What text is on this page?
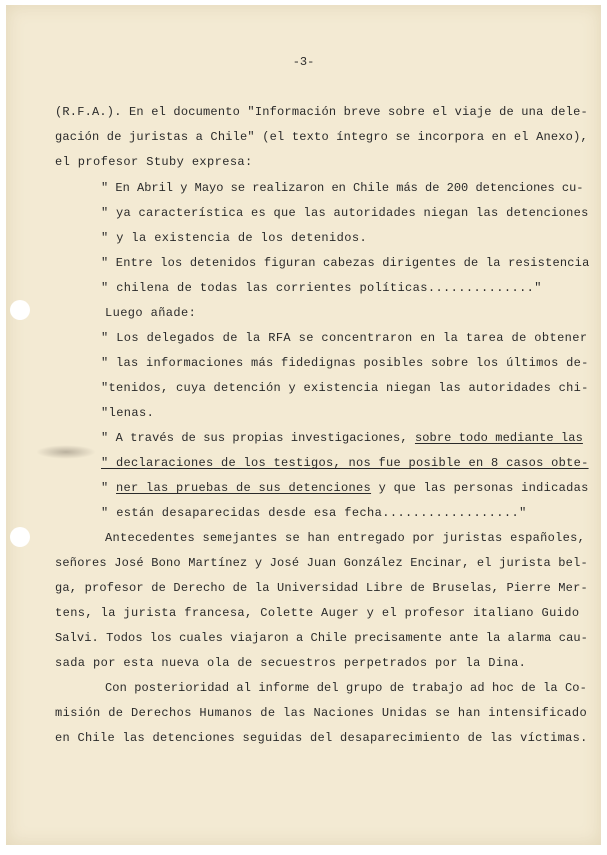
-3-
(R.F.A.). En el documento "Información breve sobre el viaje de una dele-
gación de juristas a Chile" (el texto íntegro se incorpora en el Anexo),
el profesor Stuby expresa:
" En Abril y Mayo se realizaron en Chile más de 200 detenciones cu-
" ya característica es que las autoridades niegan las detenciones
" y la existencia de los detenidos.
" Entre los detenidos figuran cabezas dirigentes de la resistencia
" chilena de todas las corrientes políticas.............."
Luego añade:
" Los delegados de la RFA se concentraron en la tarea de obtener
" las informaciones más fidedignas posibles sobre los últimos de-
"tenidos, cuya detención y existencia niegan las autoridades chi-
"lenas.
" A través de sus propias investigaciones, sobre todo mediante las
" declaraciones de los testigos, nos fue posible en 8 casos obte-
" ner las pruebas de sus detenciones y que las personas indicadas
" están desaparecidas desde esa fecha.................."
Antecedentes semejantes se han entregado por juristas españoles,
señores José Bono Martínez y José Juan González Encinar, el jurista bel-
ga, profesor de Derecho de la Universidad Libre de Bruselas, Pierre Mer-
tens, la jurista francesa, Colette Auger y el profesor italiano Guido
Salvi. Todos los cuales viajaron a Chile precisamente ante la alarma cau-
sada por esta nueva ola de secuestros perpetrados por la Dina.
Con posterioridad al informe del grupo de trabajo ad hoc de la Co-
misión de Derechos Humanos de las Naciones Unidas se han intensificado
en Chile las detenciones seguidas del desaparecimiento de las víctimas.
